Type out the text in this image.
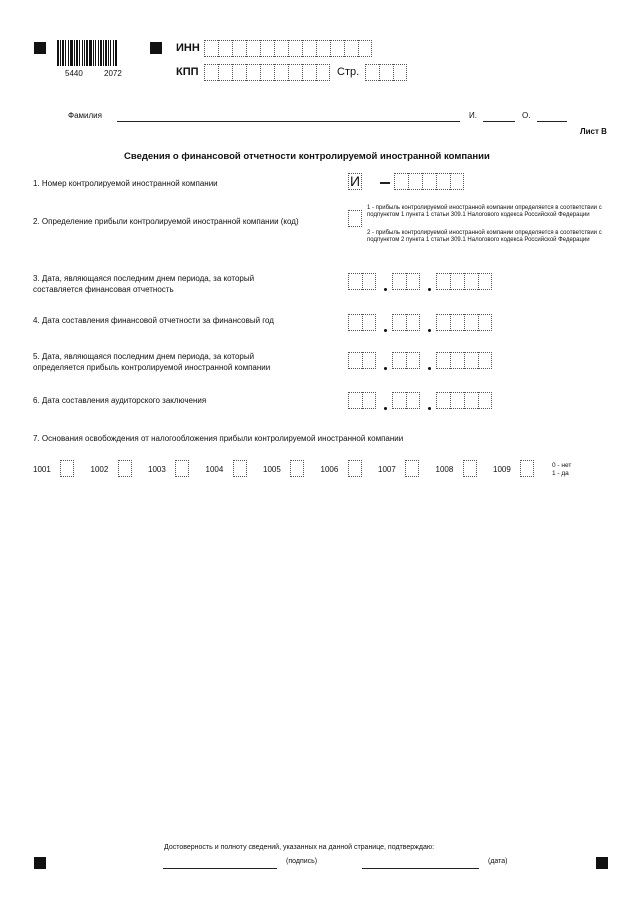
5440	2072
ИНН
КПП	Стр.
Фамилия	И.	О.
Лист В
Сведения о финансовой отчетности контролируемой иностранной компании
1. Номер контролируемой иностранной компании	И
2. Определение прибыли контролируемой иностранной компании (код)
1 - прибыль контролируемой иностранной компании определяется в соответствии с подпунктом 1 пункта 1 статьи 309.1 Налогового кодекса Российской Федерации
2 - прибыль контролируемой иностранной компании определяется в соответствии с подпунктом 2 пункта 1 статьи 309.1 Налогового кодекса Российской Федерации
3. Дата, являющаяся последним днем периода, за который
составляется финансовая отчетность
4. Дата составления финансовой отчетности за финансовый год
5. Дата, являющаяся последним днем периода, за который
определяется прибыль контролируемой иностранной компании
6. Дата составления аудиторского заключения
7. Основания освобождения от налогообложения прибыли контролируемой иностранной компании
1001	1002	1003	1004	1005	1006	1007	1008	1009	0 - нет
1 - да
Достоверность и полноту сведений, указанных на данной странице, подтверждаю:
(подпись)	(дата)
